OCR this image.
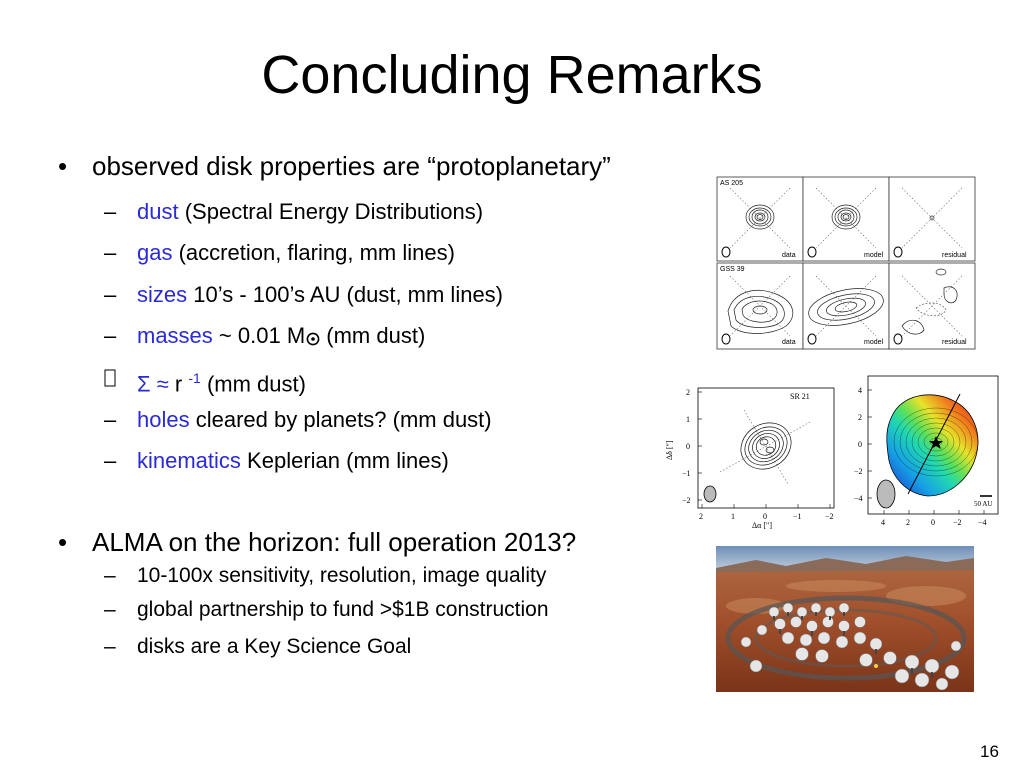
Concluding Remarks
• observed disk properties are “protoplanetary”
– dust (Spectral Energy Distributions)
– gas (accretion, flaring, mm lines)
– sizes 10’s - 100’s AU (dust, mm lines)
– masses ~ 0.01 M (mm dust)
Σ ≈ r $^{-1}$ (mm dust)
– holes cleared by planets? (mm dust)
– kinematics Keplerian (mm lines)
• ALMA on the horizon: full operation 2013?
–	10-100x sensitivity, resolution, image quality
–	global partnership to fund >$1B construction
–	disks are a Key Science Goal
AS 205
GSS 39
data	model	residual
data	model	residual
SR 21
2
1
0
−1
−2
2	1	0	−1	−2
Δα [″]
Δδ [″]
50 AU
4
2
0
−2
−4
4	2	0 −2 −4
16
